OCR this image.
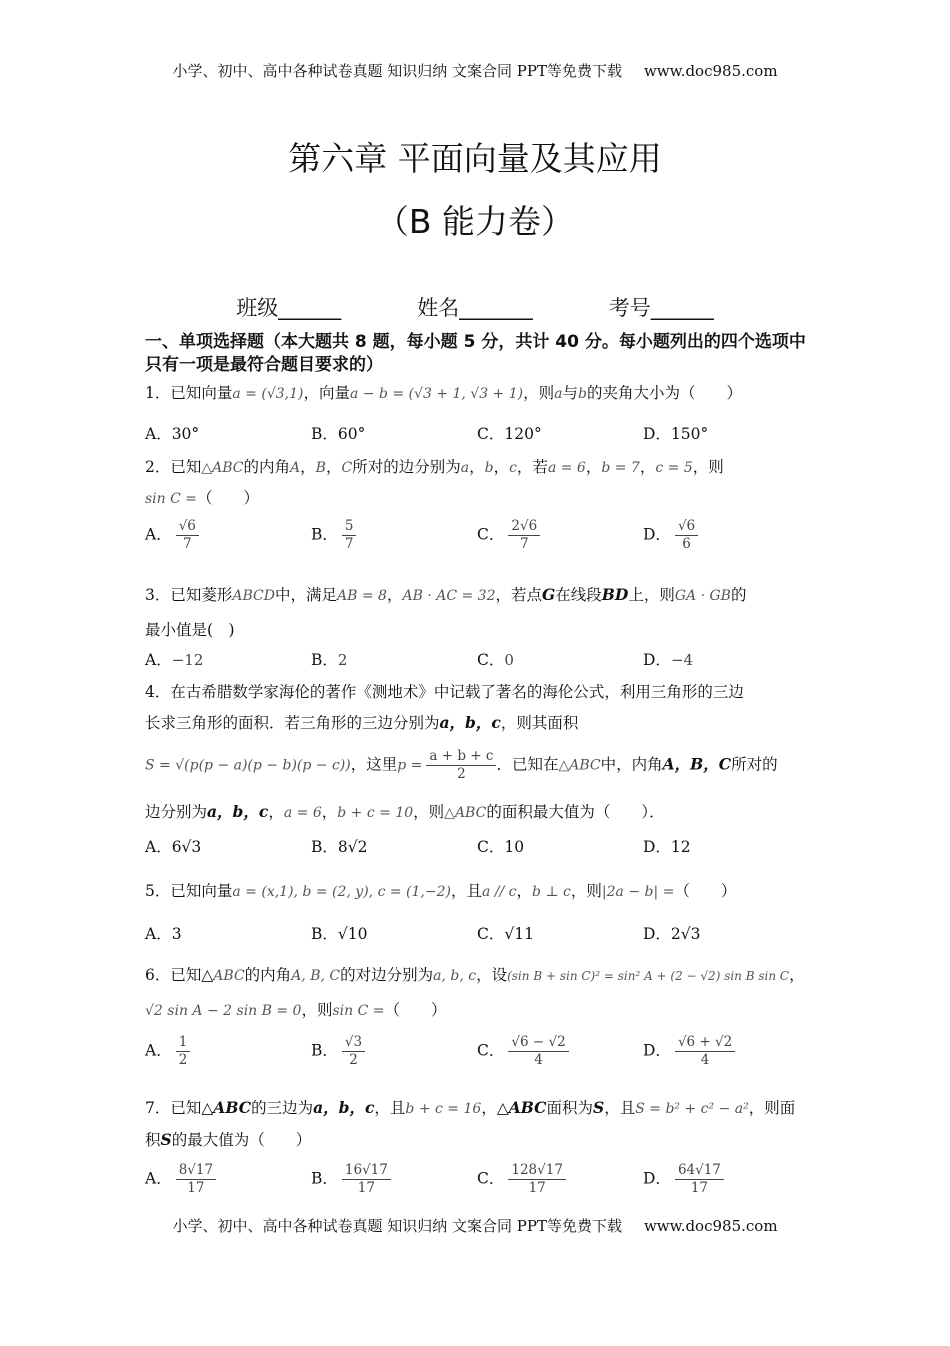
小学、初中、高中各种试卷真题 知识归纳 文案合同 PPT等免费下载 www.doc985.com
第六章 平面向量及其应用
（B 能力卷）
班级______	姓名_______	考号______
一、单项选择题（本大题共 8 题，每小题 5 分，共计 40 分。每小题列出的四个选项中只有一项是最符合题目要求的）
1．已知向量a = (√3,1)，向量a − b = (√3 + 1, √3 + 1)，则a与b的夹角大小为（　　）
A．30°	B．60°	C．120°	D．150°
2．已知△ABC的内角A，B，C所对的边分别为a，b，c，若a = 6，b = 7，c = 5，则
sin C =（　　）
A． $\frac{√6}{7}$	B． $\frac{5}{7}$	C． $\frac{2√6}{7}$	D． $\frac{√6}{6}$
3．已知菱形ABCD中，满足AB = 8，AB · AC = 32，若点G在线段BD上，则GA · GB的
最小值是(　)
A．−12	B．2	C．0	D．−4
4．在古希腊数学家海伦的著作《测地术》中记载了著名的海伦公式，利用三角形的三边
长求三角形的面积．若三角形的三边分别为a，b，c，则其面积
S = √(p(p − a)(p − b)(p − c))，这里$p = \frac{a + b + c}{2}$ ．已知在△ABC中，内角A，B，C所对的
边分别为a，b，c，a = 6，b + c = 10，则△ABC的面积最大值为（　　）．
A．6√3	B．8√2	C．10	D．12
5．已知向量a = (x,1), b = (2, y), c = (1,−2)，且a // c，b ⊥ c，则|2a − b| =（　　）
A．3	B．√10	C．√11	D．2√3
6．已知△ABC的内角A, B, C的对边分别为a, b, c，设(sin B + sin C)² = sin² A + (2 − √2) sin B sin C，
√2 sin A − 2 sin B = 0，则sin C =（　　）
A． $\frac{1}{2}$	B． $\frac{√3}{2}$	C． $\frac{√6 - √2}{4}$	D． $\frac{√6 + √2}{4}$
7．已知△ABC的三边为a，b，c，且b + c = 16，△ABC面积为S，且S = b² + c² − a²，则面
积S的最大值为（　　）
A． $\frac{8√17}{17}$	B． $\frac{16√17}{17}$	C． $\frac{128√17}{17}$	D． $\frac{64√17}{17}$
小学、初中、高中各种试卷真题 知识归纳 文案合同 PPT等免费下载 www.doc985.com
